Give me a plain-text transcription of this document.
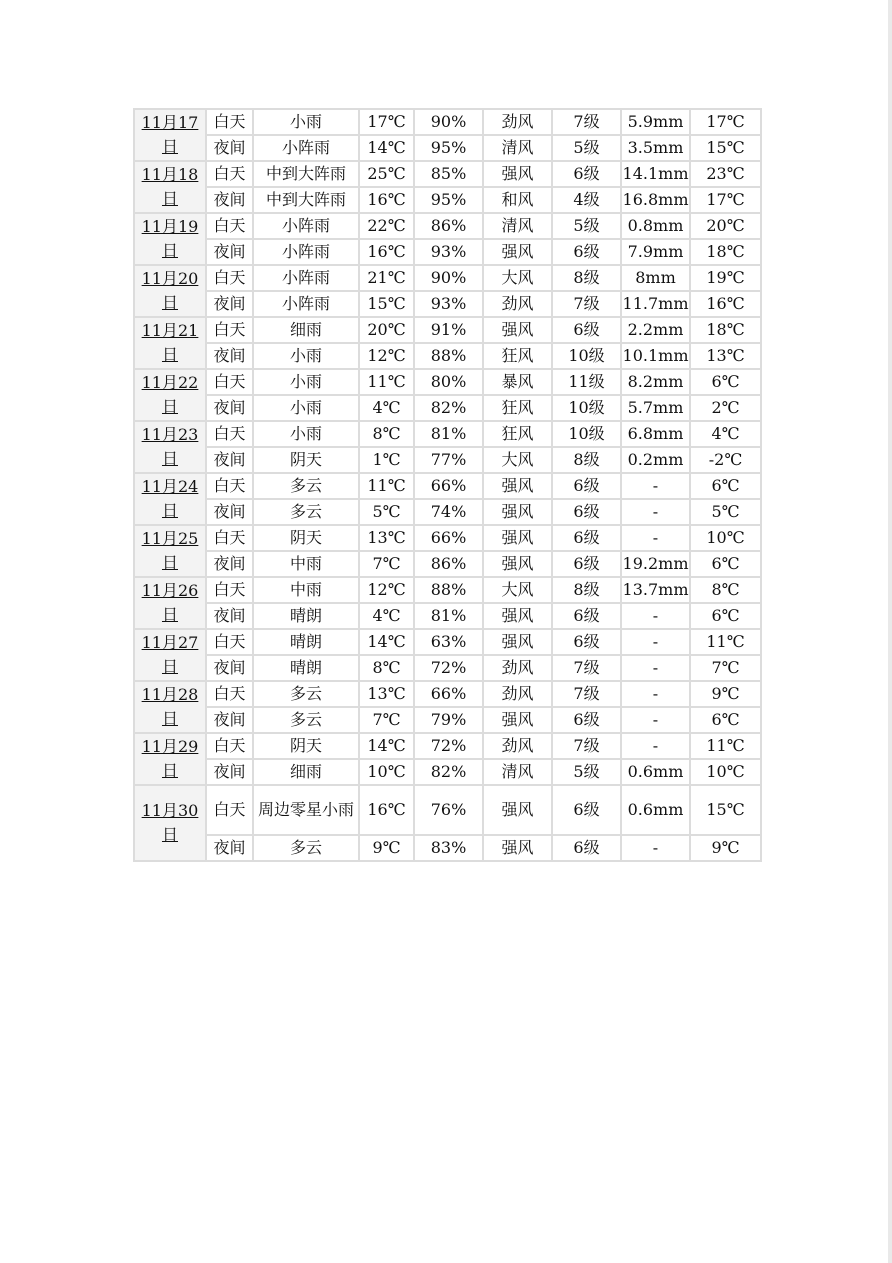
11月17日	白天	小雨	17℃	90%	劲风	7级	5.9mm	17℃
	夜间	小阵雨	14℃	95%	清风	5级	3.5mm	15℃
11月18日	白天	中到大阵雨	25℃	85%	强风	6级	14.1mm	23℃
	夜间	中到大阵雨	16℃	95%	和风	4级	16.8mm	17℃
11月19日	白天	小阵雨	22℃	86%	清风	5级	0.8mm	20℃
	夜间	小阵雨	16℃	93%	强风	6级	7.9mm	18℃
11月20日	白天	小阵雨	21℃	90%	大风	8级	8mm	19℃
	夜间	小阵雨	15℃	93%	劲风	7级	11.7mm	16℃
11月21日	白天	细雨	20℃	91%	强风	6级	2.2mm	18℃
	夜间	小雨	12℃	88%	狂风	10级	10.1mm	13℃
11月22日	白天	小雨	11℃	80%	暴风	11级	8.2mm	6℃
	夜间	小雨	4℃	82%	狂风	10级	5.7mm	2℃
11月23日	白天	小雨	8℃	81%	狂风	10级	6.8mm	4℃
	夜间	阴天	1℃	77%	大风	8级	0.2mm	-2℃
11月24日	白天	多云	11℃	66%	强风	6级	-	6℃
	夜间	多云	5℃	74%	强风	6级	-	5℃
11月25日	白天	阴天	13℃	66%	强风	6级	-	10℃
	夜间	中雨	7℃	86%	强风	6级	19.2mm	6℃
11月26日	白天	中雨	12℃	88%	大风	8级	13.7mm	8℃
	夜间	晴朗	4℃	81%	强风	6级	-	6℃
11月27日	白天	晴朗	14℃	63%	强风	6级	-	11℃
	夜间	晴朗	8℃	72%	劲风	7级	-	7℃
11月28日	白天	多云	13℃	66%	劲风	7级	-	9℃
	夜间	多云	7℃	79%	强风	6级	-	6℃
11月29日	白天	阴天	14℃	72%	劲风	7级	-	11℃
	夜间	细雨	10℃	82%	清风	5级	0.6mm	10℃
11月30日	白天	周边零星小雨	16℃	76%	强风	6级	0.6mm	15℃
	夜间	多云	9℃	83%	强风	6级	-	9℃
